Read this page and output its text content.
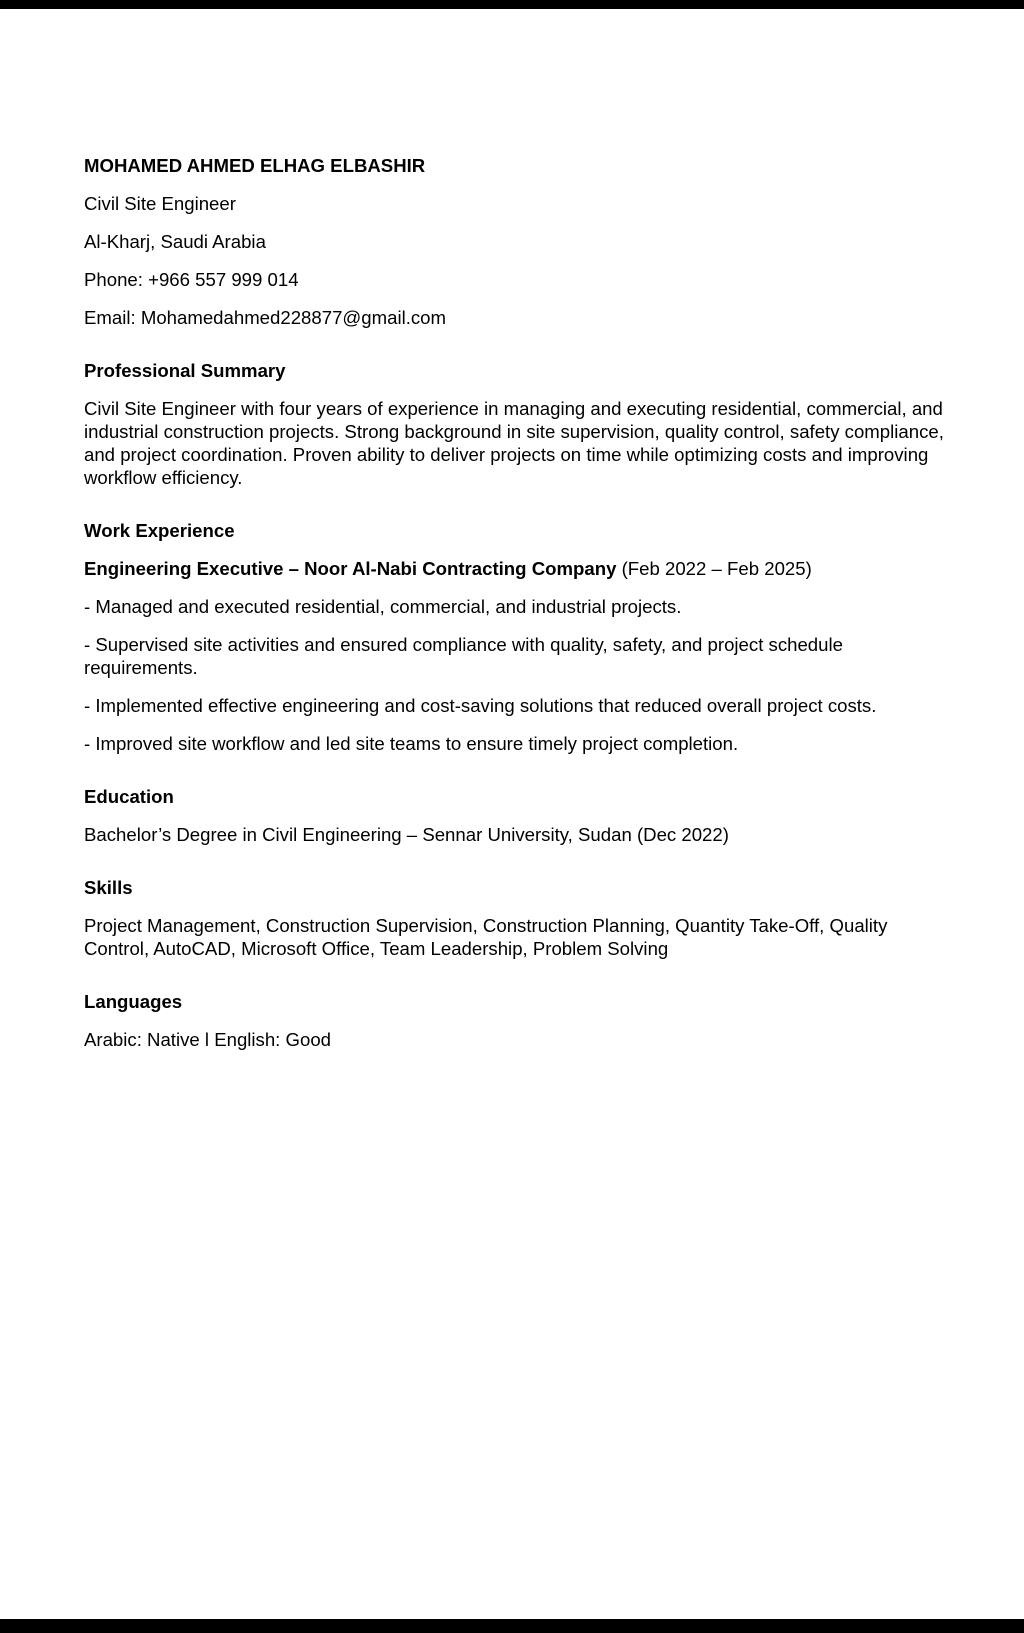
MOHAMED AHMED ELHAG ELBASHIR

Civil Site Engineer

Al-Kharj, Saudi Arabia

Phone: +966 557 999 014

Email: Mohamedahmed228877@gmail.com

Professional Summary

Civil Site Engineer with four years of experience in managing and executing residential, commercial, and industrial construction projects. Strong background in site supervision, quality control, safety compliance, and project coordination. Proven ability to deliver projects on time while optimizing costs and improving workflow efficiency.

Work Experience

Engineering Executive – Noor Al-Nabi Contracting Company (Feb 2022 – Feb 2025)

- Managed and executed residential, commercial, and industrial projects.

- Supervised site activities and ensured compliance with quality, safety, and project schedule requirements.

- Implemented effective engineering and cost-saving solutions that reduced overall project costs.

- Improved site workflow and led site teams to ensure timely project completion.

Education

Bachelor’s Degree in Civil Engineering – Sennar University, Sudan (Dec 2022)

Skills

Project Management, Construction Supervision, Construction Planning, Quantity Take-Off, Quality Control, AutoCAD, Microsoft Office, Team Leadership, Problem Solving

Languages

Arabic: Native l English: Good
